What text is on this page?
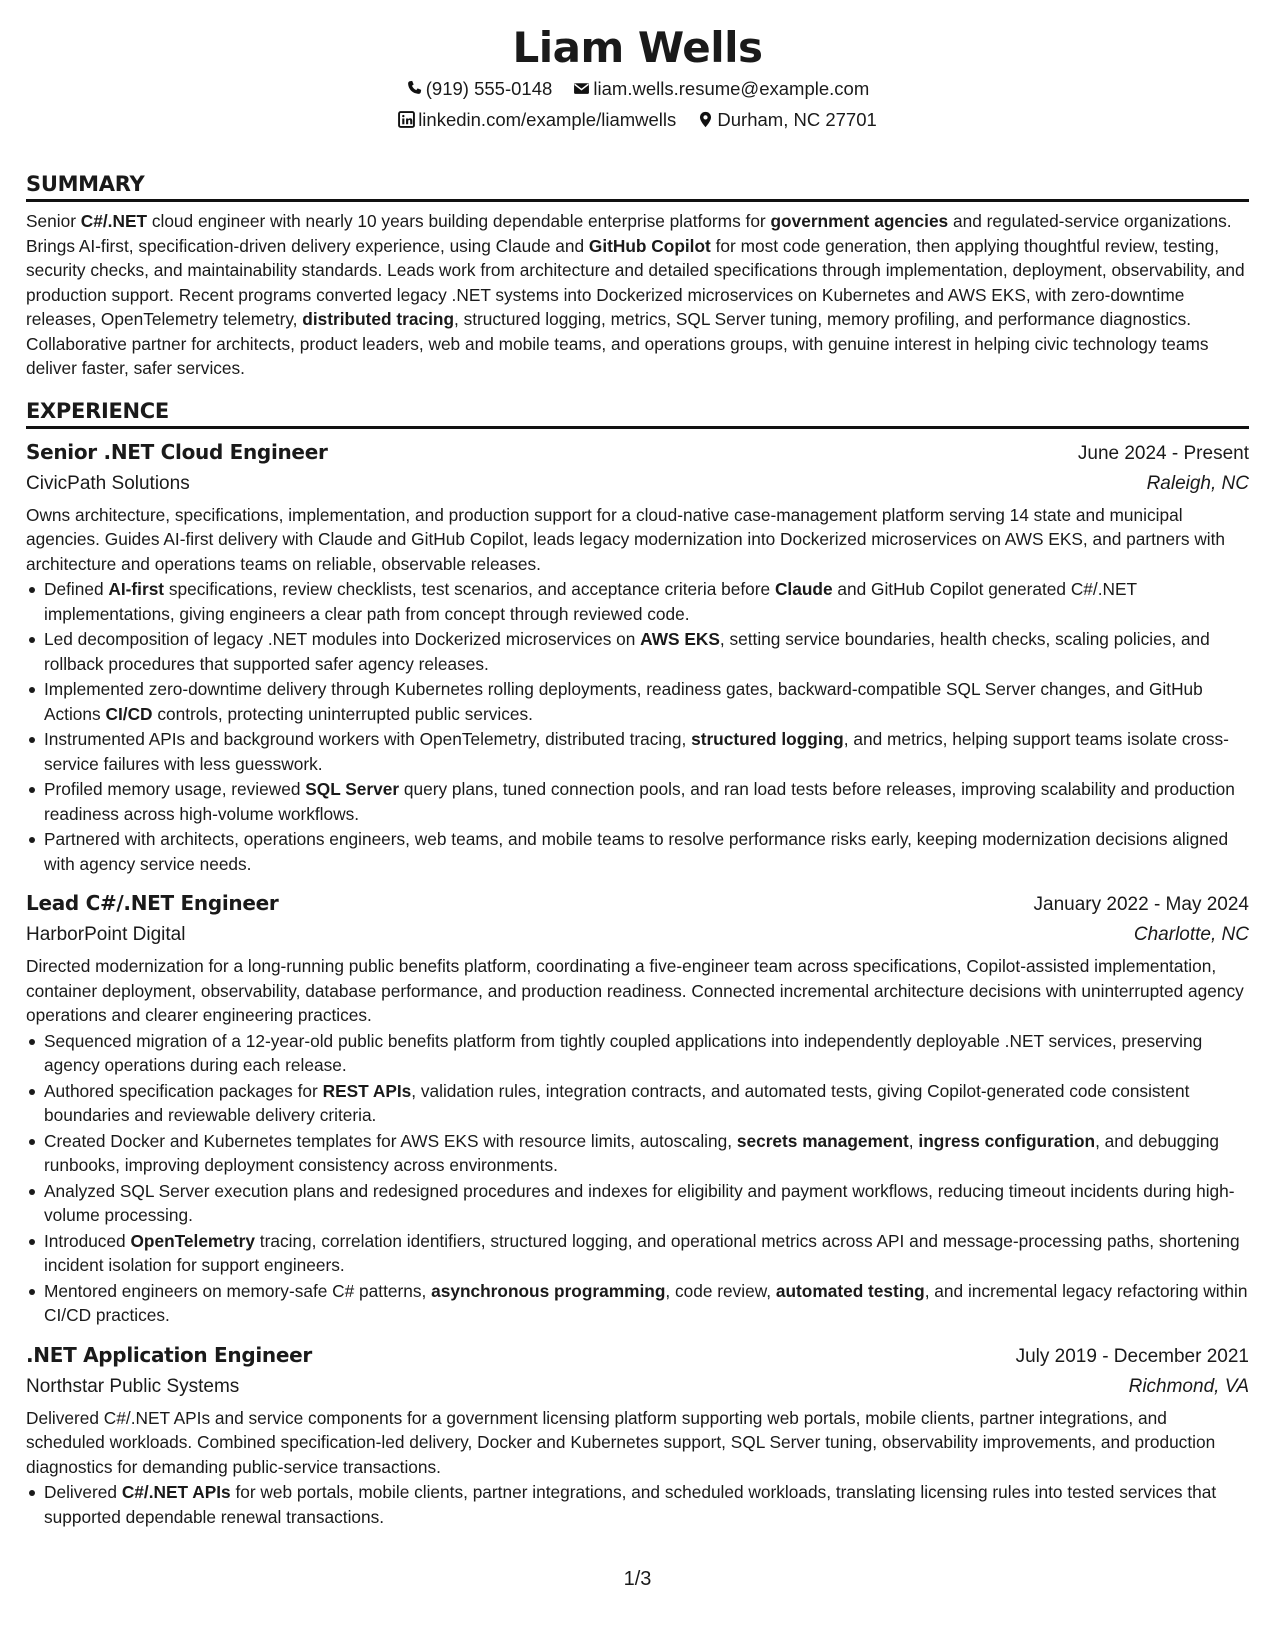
Liam Wells
(919) 555-0148 liam.wells.resume@example.com
linkedin.com/example/liamwells Durham, NC 27701
SUMMARY

Senior C#/.NET cloud engineer with nearly 10 years building dependable enterprise platforms for government agencies and regulated-service organizations. Brings AI-first, specification-driven delivery experience, using Claude and GitHub Copilot for most code generation, then applying thoughtful review, testing, security checks, and maintainability standards. Leads work from architecture and detailed specifications through implementation, deployment, observability, and production support. Recent programs converted legacy .NET systems into Dockerized microservices on Kubernetes and AWS EKS, with zero-downtime releases, OpenTelemetry telemetry, distributed tracing, structured logging, metrics, SQL Server tuning, memory profiling, and performance diagnostics. Collaborative partner for architects, product leaders, web and mobile teams, and operations groups, with genuine interest in helping civic technology teams deliver faster, safer services.

EXPERIENCE
Senior .NET Cloud Engineer	June 2024 - Present
CivicPath Solutions	Raleigh, NC
Owns architecture, specifications, implementation, and production support for a cloud-native case-management platform serving 14 state and municipal agencies. Guides AI-first delivery with Claude and GitHub Copilot, leads legacy modernization into Dockerized microservices on AWS EKS, and partners with architecture and operations teams on reliable, observable releases.
Defined AI-first specifications, review checklists, test scenarios, and acceptance criteria before Claude and GitHub Copilot generated C#/.NET implementations, giving engineers a clear path from concept through reviewed code.
Led decomposition of legacy .NET modules into Dockerized microservices on AWS EKS, setting service boundaries, health checks, scaling policies, and rollback procedures that supported safer agency releases.
Implemented zero-downtime delivery through Kubernetes rolling deployments, readiness gates, backward-compatible SQL Server changes, and GitHub Actions CI/CD controls, protecting uninterrupted public services.
Instrumented APIs and background workers with OpenTelemetry, distributed tracing, structured logging, and metrics, helping support teams isolate cross-service failures with less guesswork.
Profiled memory usage, reviewed SQL Server query plans, tuned connection pools, and ran load tests before releases, improving scalability and production readiness across high-volume workflows.
Partnered with architects, operations engineers, web teams, and mobile teams to resolve performance risks early, keeping modernization decisions aligned with agency service needs.
Lead C#/.NET Engineer	January 2022 - May 2024
HarborPoint Digital	Charlotte, NC
Directed modernization for a long-running public benefits platform, coordinating a five-engineer team across specifications, Copilot-assisted implementation, container deployment, observability, database performance, and production readiness. Connected incremental architecture decisions with uninterrupted agency operations and clearer engineering practices.
Sequenced migration of a 12-year-old public benefits platform from tightly coupled applications into independently deployable .NET services, preserving agency operations during each release.
Authored specification packages for REST APIs, validation rules, integration contracts, and automated tests, giving Copilot-generated code consistent boundaries and reviewable delivery criteria.
Created Docker and Kubernetes templates for AWS EKS with resource limits, autoscaling, secrets management, ingress configuration, and debugging runbooks, improving deployment consistency across environments.
Analyzed SQL Server execution plans and redesigned procedures and indexes for eligibility and payment workflows, reducing timeout incidents during high-volume processing.
Introduced OpenTelemetry tracing, correlation identifiers, structured logging, and operational metrics across API and message-processing paths, shortening incident isolation for support engineers.
Mentored engineers on memory-safe C# patterns, asynchronous programming, code review, automated testing, and incremental legacy refactoring within CI/CD practices.
.NET Application Engineer	July 2019 - December 2021
Northstar Public Systems	Richmond, VA
Delivered C#/.NET APIs and service components for a government licensing platform supporting web portals, mobile clients, partner integrations, and scheduled workloads. Combined specification-led delivery, Docker and Kubernetes support, SQL Server tuning, observability improvements, and production diagnostics for demanding public-service transactions.
Delivered C#/.NET APIs for web portals, mobile clients, partner integrations, and scheduled workloads, translating licensing rules into tested services that supported dependable renewal transactions.
1/3
